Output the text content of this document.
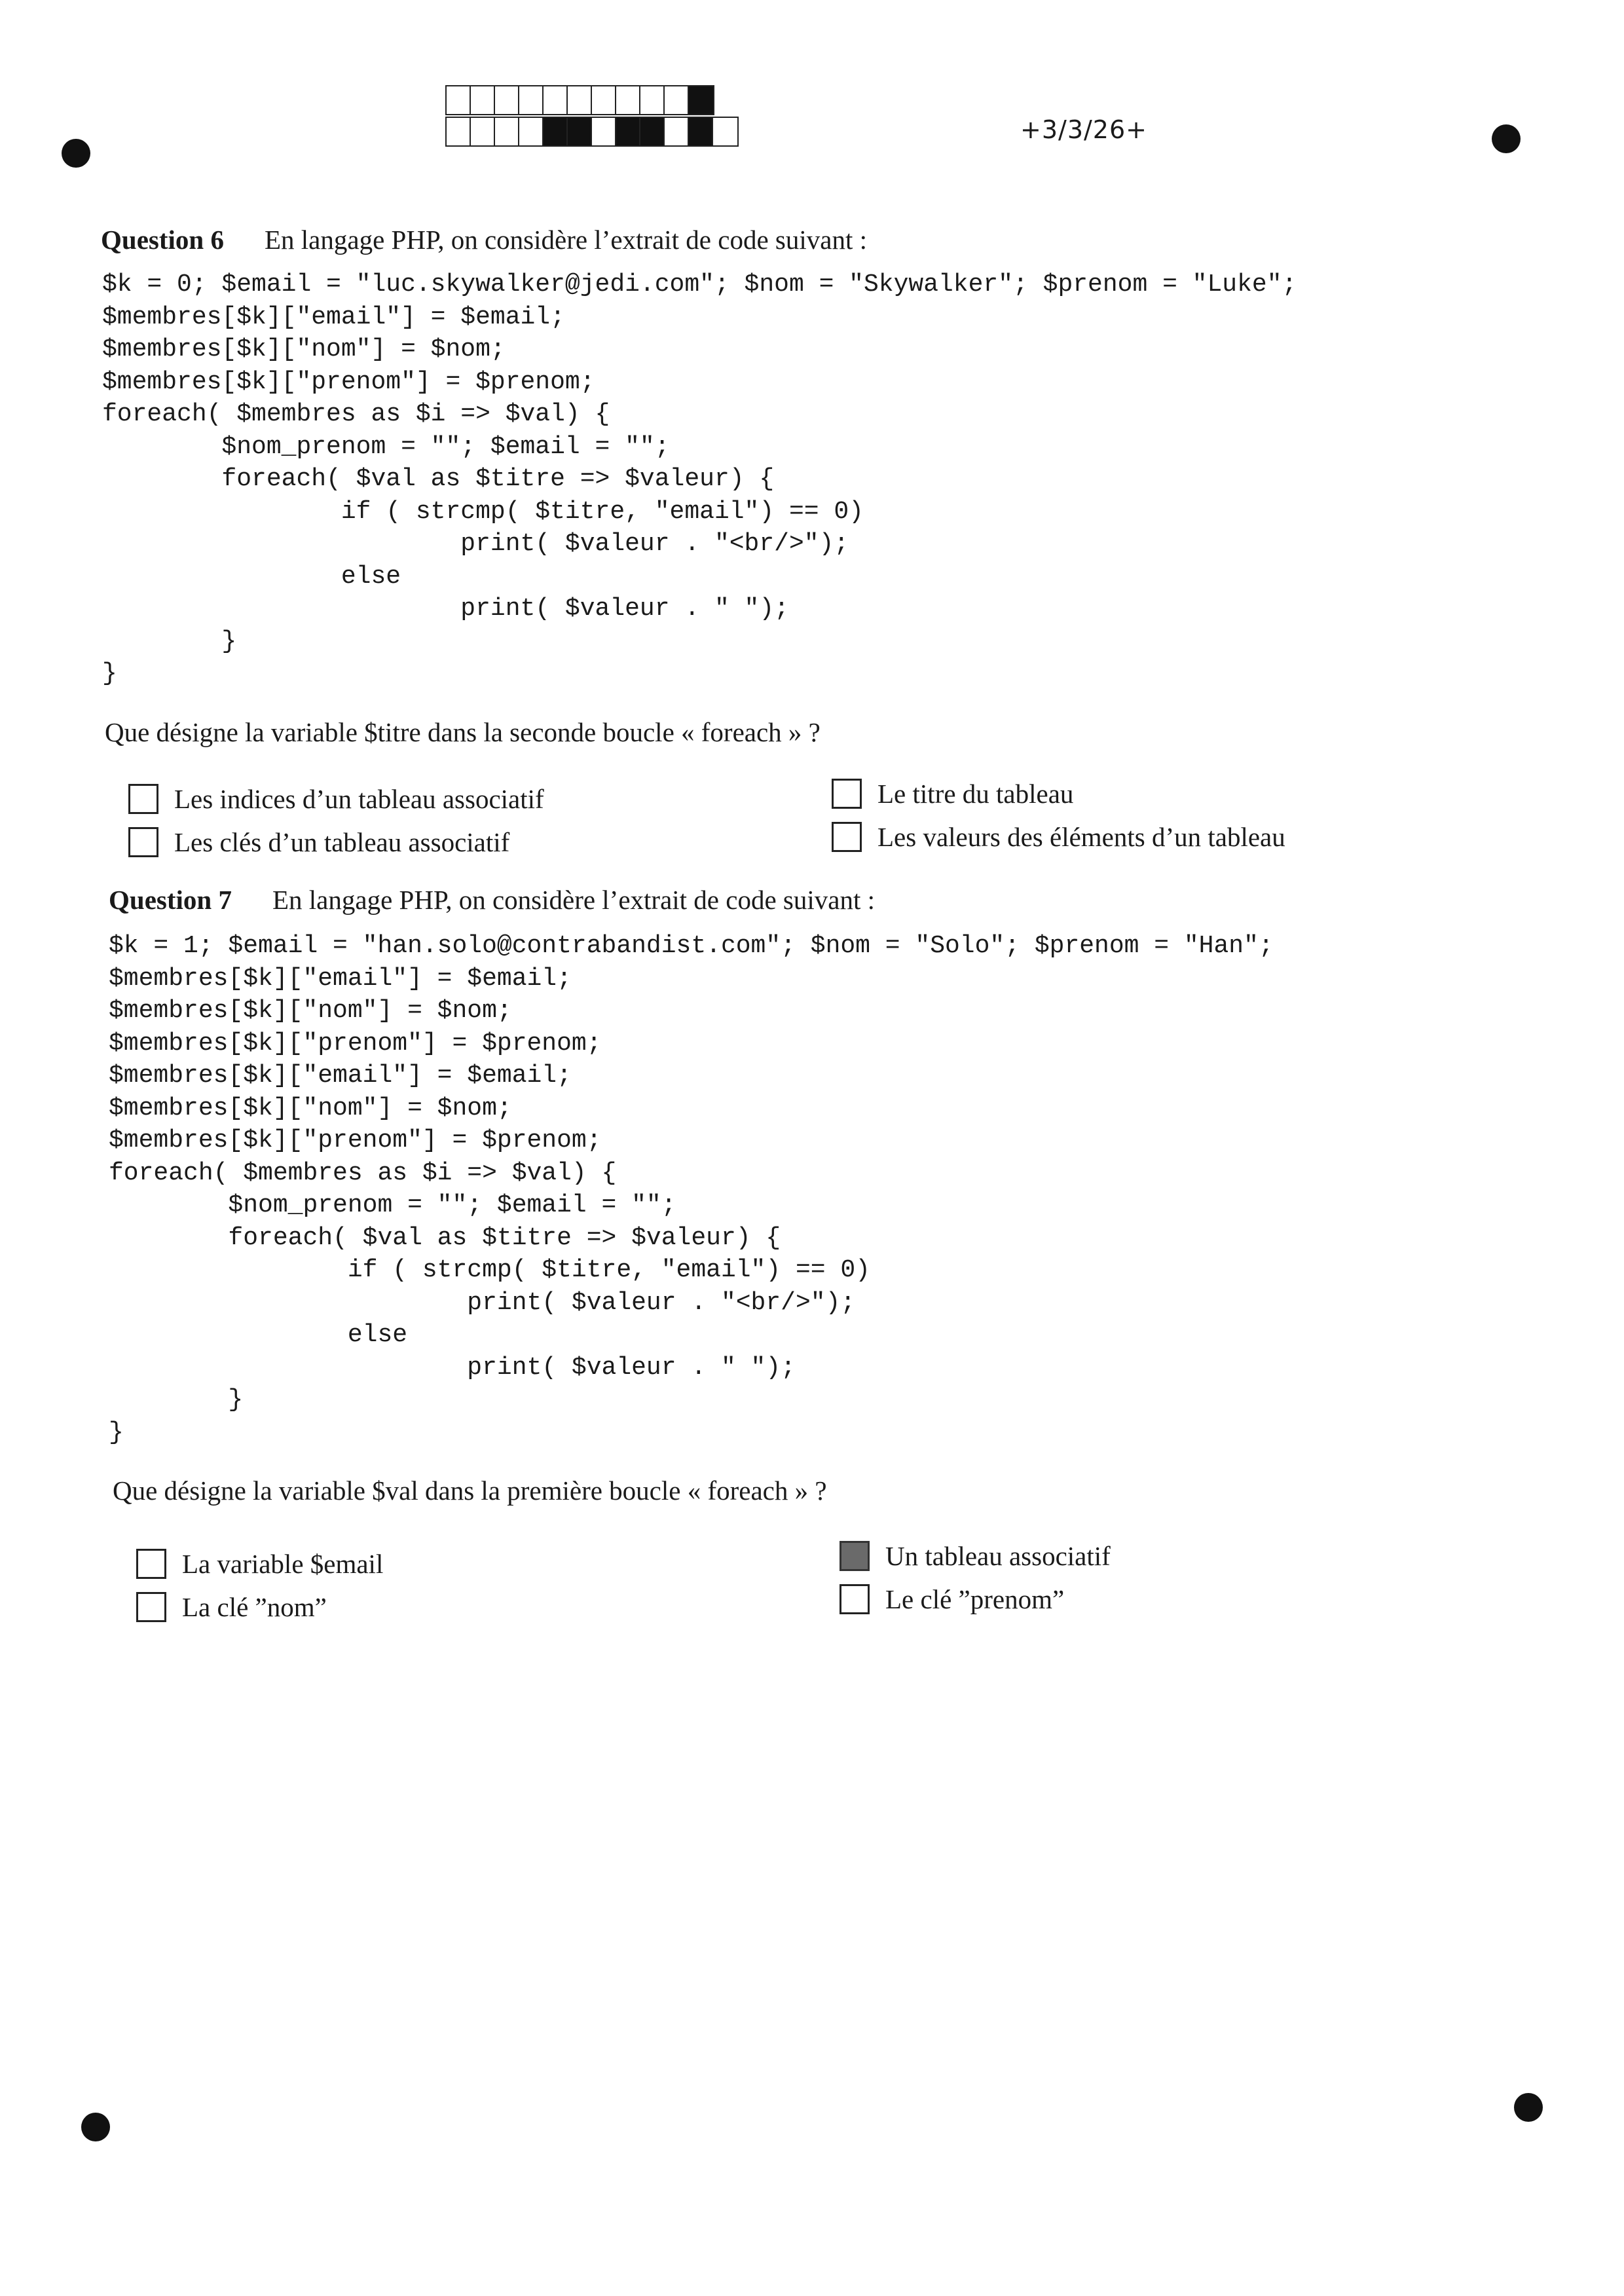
+3/3/26+
Question 6 En langage PHP, on considère l’extrait de code suivant :
$k = 0; $email = "luc.skywalker@jedi.com"; $nom = "Skywalker"; $prenom = "Luke";
$membres[$k]["email"] = $email;
$membres[$k]["nom"] = $nom;
$membres[$k]["prenom"] = $prenom;
foreach( $membres as $i => $val) {
$nom_prenom = ""; $email = "";
foreach( $val as $titre => $valeur) {
if ( strcmp( $titre, "email") == 0)
print( $valeur . "<br/>");
else
print( $valeur . " ");
}
}
Que désigne la variable $titre dans la seconde boucle « foreach » ?
Les indices d’un tableau associatif
Les clés d’un tableau associatif
Le titre du tableau
Les valeurs des éléments d’un tableau
Question 7 En langage PHP, on considère l’extrait de code suivant :
$k = 1; $email = "han.solo@contrabandist.com"; $nom = "Solo"; $prenom = "Han";
$membres[$k]["email"] = $email;
$membres[$k]["nom"] = $nom;
$membres[$k]["prenom"] = $prenom;
$membres[$k]["email"] = $email;
$membres[$k]["nom"] = $nom;
$membres[$k]["prenom"] = $prenom;
foreach( $membres as $i => $val) {
$nom_prenom = ""; $email = "";
foreach( $val as $titre => $valeur) {
if ( strcmp( $titre, "email") == 0)
print( $valeur . "<br/>");
else
print( $valeur . " ");
}
}
Que désigne la variable $val dans la première boucle « foreach » ?
La variable $email
La clé ”nom”
Un tableau associatif
Le clé ”prenom”
